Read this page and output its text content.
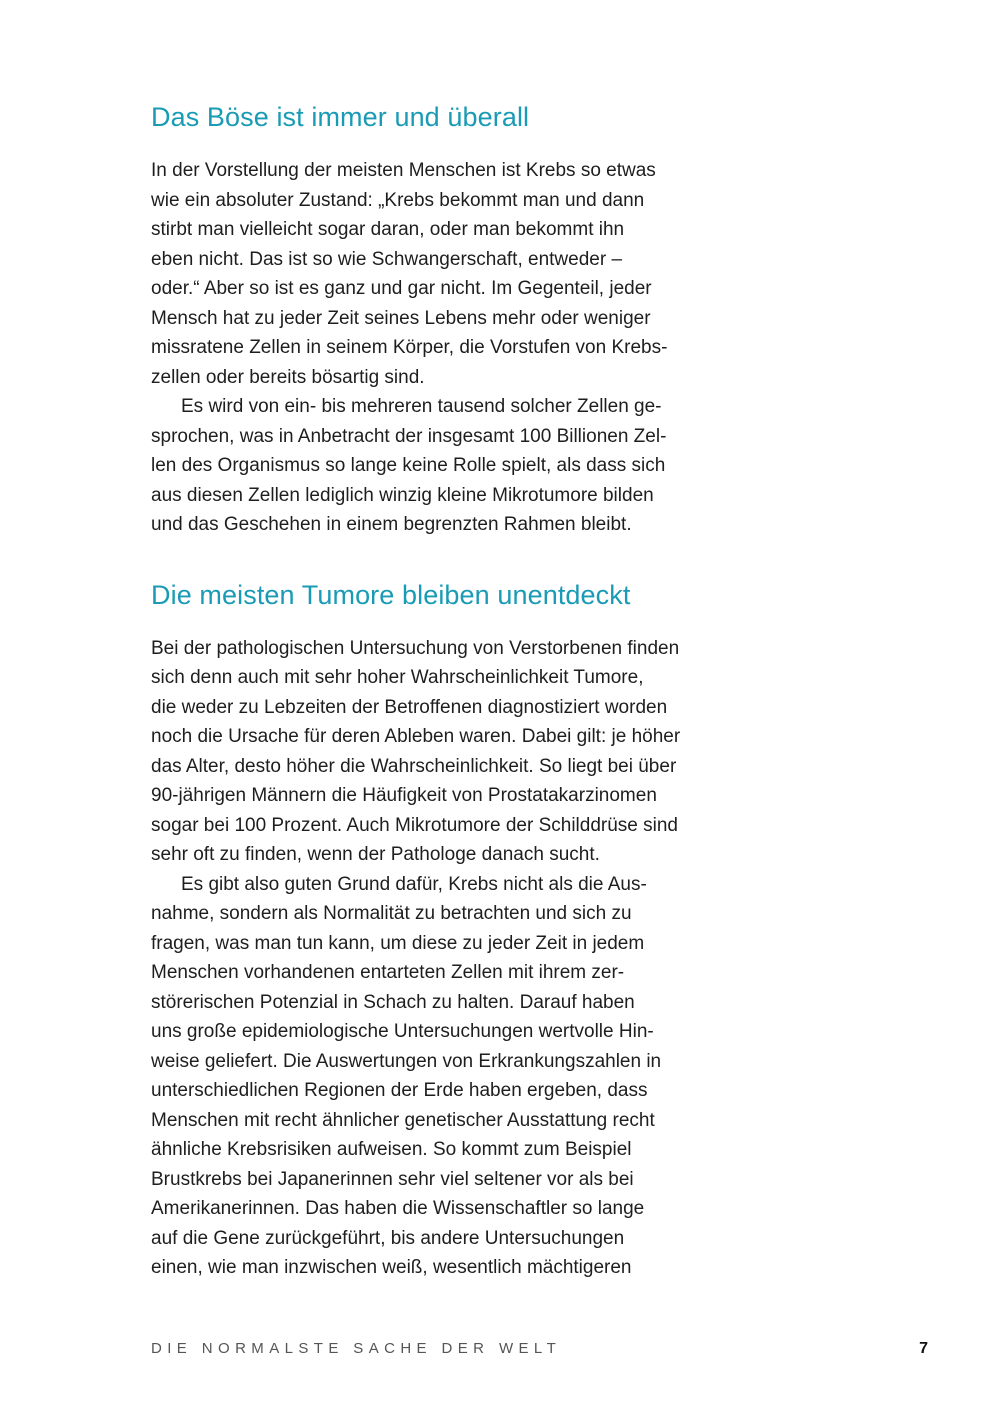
Das Böse ist immer und überall
In der Vorstellung der meisten Menschen ist Krebs so etwas
wie ein absoluter Zustand: „Krebs bekommt man und dann
stirbt man vielleicht sogar daran, oder man bekommt ihn
eben nicht. Das ist so wie Schwangerschaft, entweder –
oder.“ Aber so ist es ganz und gar nicht. Im Gegenteil, jeder
Mensch hat zu jeder Zeit seines Lebens mehr oder weniger
missratene Zellen in seinem Körper, die Vorstufen von Krebs-
zellen oder bereits bösartig sind.
Es wird von ein- bis mehreren tausend solcher Zellen ge-
sprochen, was in Anbetracht der insgesamt 100 Billionen Zel-
len des Organismus so lange keine Rolle spielt, als dass sich
aus diesen Zellen lediglich winzig kleine Mikrotumore bilden
und das Geschehen in einem begrenzten Rahmen bleibt.
Die meisten Tumore bleiben unentdeckt
Bei der pathologischen Untersuchung von Verstorbenen finden
sich denn auch mit sehr hoher Wahrscheinlichkeit Tumore,
die weder zu Lebzeiten der Betroffenen diagnostiziert worden
noch die Ursache für deren Ableben waren. Dabei gilt: je höher
das Alter, desto höher die Wahrscheinlichkeit. So liegt bei über
90-jährigen Männern die Häufigkeit von Prostatakarzinomen
sogar bei 100 Prozent. Auch Mikrotumore der Schilddrüse sind
sehr oft zu finden, wenn der Pathologe danach sucht.
Es gibt also guten Grund dafür, Krebs nicht als die Aus-
nahme, sondern als Normalität zu betrachten und sich zu
fragen, was man tun kann, um diese zu jeder Zeit in jedem
Menschen vorhandenen entarteten Zellen mit ihrem zer-
störerischen Potenzial in Schach zu halten. Darauf haben
uns große epidemiologische Untersuchungen wertvolle Hin-
weise geliefert. Die Auswertungen von Erkrankungszahlen in
unterschiedlichen Regionen der Erde haben ergeben, dass
Menschen mit recht ähnlicher genetischer Ausstattung recht
ähnliche Krebsrisiken aufweisen. So kommt zum Beispiel
Brustkrebs bei Japanerinnen sehr viel seltener vor als bei
Amerikanerinnen. Das haben die Wissenschaftler so lange
auf die Gene zurückgeführt, bis andere Untersuchungen
einen, wie man inzwischen weiß, wesentlich mächtigeren
DIE NORMALSTE SACHE DER WELT	7
